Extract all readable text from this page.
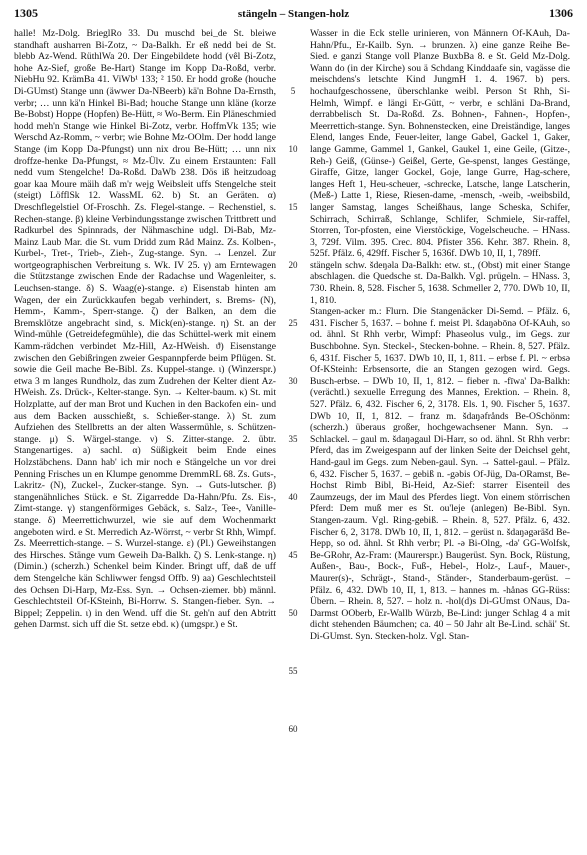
1305	stängeln – Stangen-holz	1306

halle! Mz-Dolg. BrieglRo 33. Du muschd bei_de St. bleiwe standhaft ausharren Bi-Zotz, ~ Da-Balkh. Er eß nedd bei de St. blebb Az-Wend. RüthlWa 20. Der Eingebildete hodd (vêl Bi-Zotz, hohe Az-Sief, große Be-Hart) Stange im Kopp Da-Roßd, verbr. NiebHu 92. KrämBa 41. ViWb¹ 133; ² 150. Er hodd große (houche Di-GUmst) Stange unn (äwwer Da-NBeerb) kä'n Bohne Da-Ernsth, verbr; … unn kä'n Hinkel Bi-Bad; houche Stange unn kläne (korze Be-Bobst) Hoppe (Hopfen) Be-Hütt, ≈ Wo-Berm. Ein Pläneschmied hodd meh'n Stange wie Hinkel Bi-Zotz, verbr. HoffmVk 135; wie Werschd Az-Romm, ~ verbr; wie Bohne Mz-OOlm. Der hodd lange Stange (im Kopp Da-Pfungst) unn nix drou Be-Hütt; … unn nix droffze-henke Da-Pfungst, ≈ Mz-Ülv. Zu einem Erstaunten: Fall nedd vum Stengelche! Da-Roßd. DaWb 238. Dös iß heitzudoag goar kaa Moure mäih daß m'r wejg Weibsleit uffs Stengelche steit (steigt) LöfflSk 12. WassML 62. b) St. an Geräten. α) Dreschflegelstiel Of-Froschh. Zs. Flegel-stange. – Rechenstiel, s. Rechen-stange. β) kleine Verbindungsstange zwischen Trittbrett und Radkurbel des Spinnrads, der Nähmaschine udgl. Di-Bab, Mz-Mainz Laub Mar. die St. vum Dridd zum Råd Mainz. Zs. Kolben-, Kurbel-, Tret-, Trieb-, Zieh-, Zug-stange. Syn. → Lenzel. Zur wortgeographischen Verbreitung s. Wk. IV 25. γ) am Erntewagen die Stützstange zwischen Ende der Radachse und Wagenleiter, s. Leuchsen-stange. δ) S. Waag(e)-stange. ε) Eisenstab hinten am Wagen, der ein Zurückkaufen begab verhindert, s. Brems- (N), Hemm-, Kamm-, Sperr-stange. ζ) der Balken, an dem die Bremsklötze angebracht sind, s. Mick(en)-stange. η) St. an der Wind-mühle (Getreidefegmühle), die das Schüttel-werk mit einem Kamm-rädchen verbindet Mz-Hill, Az-HWeish. ϑ) Eisenstange zwischen den Gebißringen zweier Gespannpferde beim Pflügen. St. sowie die Geil mache Be-Bibl. Zs. Kuppel-stange. ι) (Winzerspr.) etwa 3 m langes Rundholz, das zum Zudrehen der Kelter dient Az-HWeish. Zs. Drück-, Kelter-stange. Syn. → Kelter-baum. κ) St. mit Holzplatte, auf der man Brot und Kuchen in den Backofen ein- und aus dem Backen ausschießt, s. Schießer-stange. λ) St. zum Aufziehen des Stellbretts an der alten Wassermühle, s. Schützen-stange. μ) S. Wärgel-stange. ν) S. Zitter-stange. 2. übtr. Stangenartiges. a) sachl. α) Süßigkeit beim Ende eines Holzstäbchens. Dann hab' ich mir noch e Stängelche un vor drei Penning Frisches un en Klumpe genomme DremmRL 68. Zs. Guts-, Lakritz- (N), Zuckel-, Zucker-stange. Syn. → Guts-lutscher. β) stangenähnliches Stück. e St. Zigarredde Da-Hahn/Pfu. Zs. Eis-, Zimt-stange. γ) stangenförmiges Gebäck, s. Salz-, Tee-, Vanille-stange. δ) Meerrettichwurzel, wie sie auf dem Wochenmarkt angeboten wird. e St. Merredich Az-Wörrst, ~ verbr St Rhh, Wimpf. Zs. Meerrettich-stange. – S. Wurzel-stange. ε) (Pl.) Geweihstangen des Hirsches. Stänge vum Geweih Da-Balkh. ζ) S. Lenk-stange. η) (Dimin.) (scherzh.) Schenkel beim Kinder. Bringt uff, daß de uff dem Stengelche kän Schliwwer fengsd Offb. 9) aa) Geschlechtsteil des Ochsen Di-Harp, Mz-Ess. Syn. → Ochsen-ziemer. bb) männl. Geschlechtsteil Of-KSteinh, Bi-Horrw. S. Stangen-fieber. Syn. → Bippel; Zeppelin. ι) in den Wend. uff die St. geh'n auf den Abtritt gehen Darmst. sich uff die St. setze ebd. κ) (umgspr.) e St.

5
10
15
20
25
30
35
40
45
50
55
60

Wasser in die Eck stelle urinieren, von Männern Of-KAuh, Da-Hahn/Pfu., Er-Kailb. Syn. → brunzen. λ) eine ganze Reihe Be-Sied. e ganzi Stange voll Planze BuxbBa 8. e St. Geld Mz-Dolg. Wann do (in der Kirche) sou ä Schdang Kinddaafe sin, vagässe die meischdens's letschte Kind JungmH 1. 4. 1967. b) pers. hochaufgeschossene, überschlanke weibl. Person St Rhh, Si-Helmh, Wimpf. e längi Er-Gütt, ~ verbr, e schläni Da-Brand, derrabbelisch St. Da-Roßd. Zs. Bohnen-, Fahnen-, Hopfen-, Meerrettich-stange. Syn. Bohnenstecken, eine Dreiständige, langes Elend, langes Ende, Feuer-leiter, lange Gabel, Gackel 1, Gaker, lange Gamme, Gammel 1, Gankel, Gaukel 1, eine Geile, (Gitze-, Reh-) Geiß, (Günse-) Geißel, Gerte, Ge-spenst, langes Gestänge, Giraffe, Gitze, langer Gockel, Goje, lange Gurre, Hag-schere, langes Heft 1, Heu-scheuer, -schrecke, Latsche, lange Latscherin, (Meß-) Latte 1, Riese, Riesen-dame, -mensch, -weib, -weibsbild, langer Samstag, langes Scheißhaus, lange Scheska, Schifer, Schirrach, Schirraß, Schlange, Schlifer, Schmiele, Sir-raffel, Storren, Tor-pfosten, eine Vierstöckige, Vogelscheuche. – HNass. 3, 729f. Vilm. 395. Crec. 804. Pfister 356. Kehr. 387. Rhein. 8, 525f. Pfälz. 6, 429ff. Fischer 5, 1636f. DWb 10, II, 1, 789ff.

stängeln schw. šdeŋəla Da-Balkh: etw. st., (Obst) mit einer Stange abschlagen. die Quedsche st. Da-Balkh. Vgl. prügeln. – HNass. 3, 730. Rhein. 8, 528. Fischer 5, 1638. Schmeller 2, 770. DWb 10, II, 1, 810.

Stangen-acker m.: Flurn. Die Stangenäcker Di-Semd. – Pfälz. 6, 431. Fischer 5, 1637. – bohne f. meist Pl. šdaŋəbōnə Of-KAuh, so od. ähnl. St Rhh verbr, Wimpf: Phaseolus vulg., im Gegs. zur Buschbohne. Syn. Steckel-, Stecken-bohne. – Rhein. 8, 527. Pfälz. 6, 431f. Fischer 5, 1637. DWb 10, II, 1, 811. – erbse f. Pl. ~ erbsə Of-KSteinh: Erbsensorte, die an Stangen gezogen wird. Gegs. Busch-erbse. – DWb 10, II, 1, 812. – fieber n. -fīwa' Da-Balkh: (verächtl.) sexuelle Erregung des Mannes, Erektion. – Rhein. 8, 527. Pfälz. 6, 432. Fischer 6, 2, 3178. Els. 1, 90. Fischer 5, 1637. DWb 10, II, 1, 812. – franz m. šdaŋəfrånds Be-OSchönm: (scherzh.) überaus großer, hochgewachsener Mann. Syn. → Schlackel. – gaul m. šdaŋəgaul Di-Harr, so od. ähnl. St Rhh verbr: Pferd, das im Zweigespann auf der linken Seite der Deichsel geht, Hand-gaul im Gegs. zum Neben-gaul. Syn. → Sattel-gaul. – Pfälz. 6, 432. Fischer 5, 1637. – gebiß n. -gəbis Of-Jüg, Da-ORamst, Be-Hochst Rimb Bibl, Bi-Heid, Az-Sief: starrer Eisenteil des Zaumzeugs, der im Maul des Pferdes liegt. Von einem störrischen Pferd: Dem muß mer es St. ou'leje (anlegen) Be-Bibl. Syn. Stangen-zaum. Vgl. Ring-gebiß. – Rhein. 8, 527. Pfälz. 6, 432. Fischer 6, 2, 3178. DWb 10, II, 1, 812. – gerüst n. šdaŋəgəräšd Be-Hepp, so od. ähnl. St Rhh verbr; Pl. -ə Bi-Olng, -də' GG-Wolfsk, Be-GRohr, Az-Fram: (Maurerspr.) Baugerüst. Syn. Bock, Rüstung, Außen-, Bau-, Bock-, Fuß-, Hebel-, Holz-, Lauf-, Mauer-, Maurer(s)-, Schrägt-, Stand-, Ständer-, Standerbaum-gerüst. – Pfälz. 6, 432. DWb 10, II, 1, 813. – hannes m. -hånəs GG-Rüss: Übern. – Rhein. 8, 527. – holz n. -hol(d)s Di-GUmst ONaus, Da-Darmst OOberb, Er-Wallb Würzb, Be-Lind: junger Schlag 4 a mit dicht stehenden Bäumchen; ca. 40 – 50 Jahr alt Be-Lind. schäi' St. Di-GUmst. Syn. Stecken-holz. Vgl. Stan-
